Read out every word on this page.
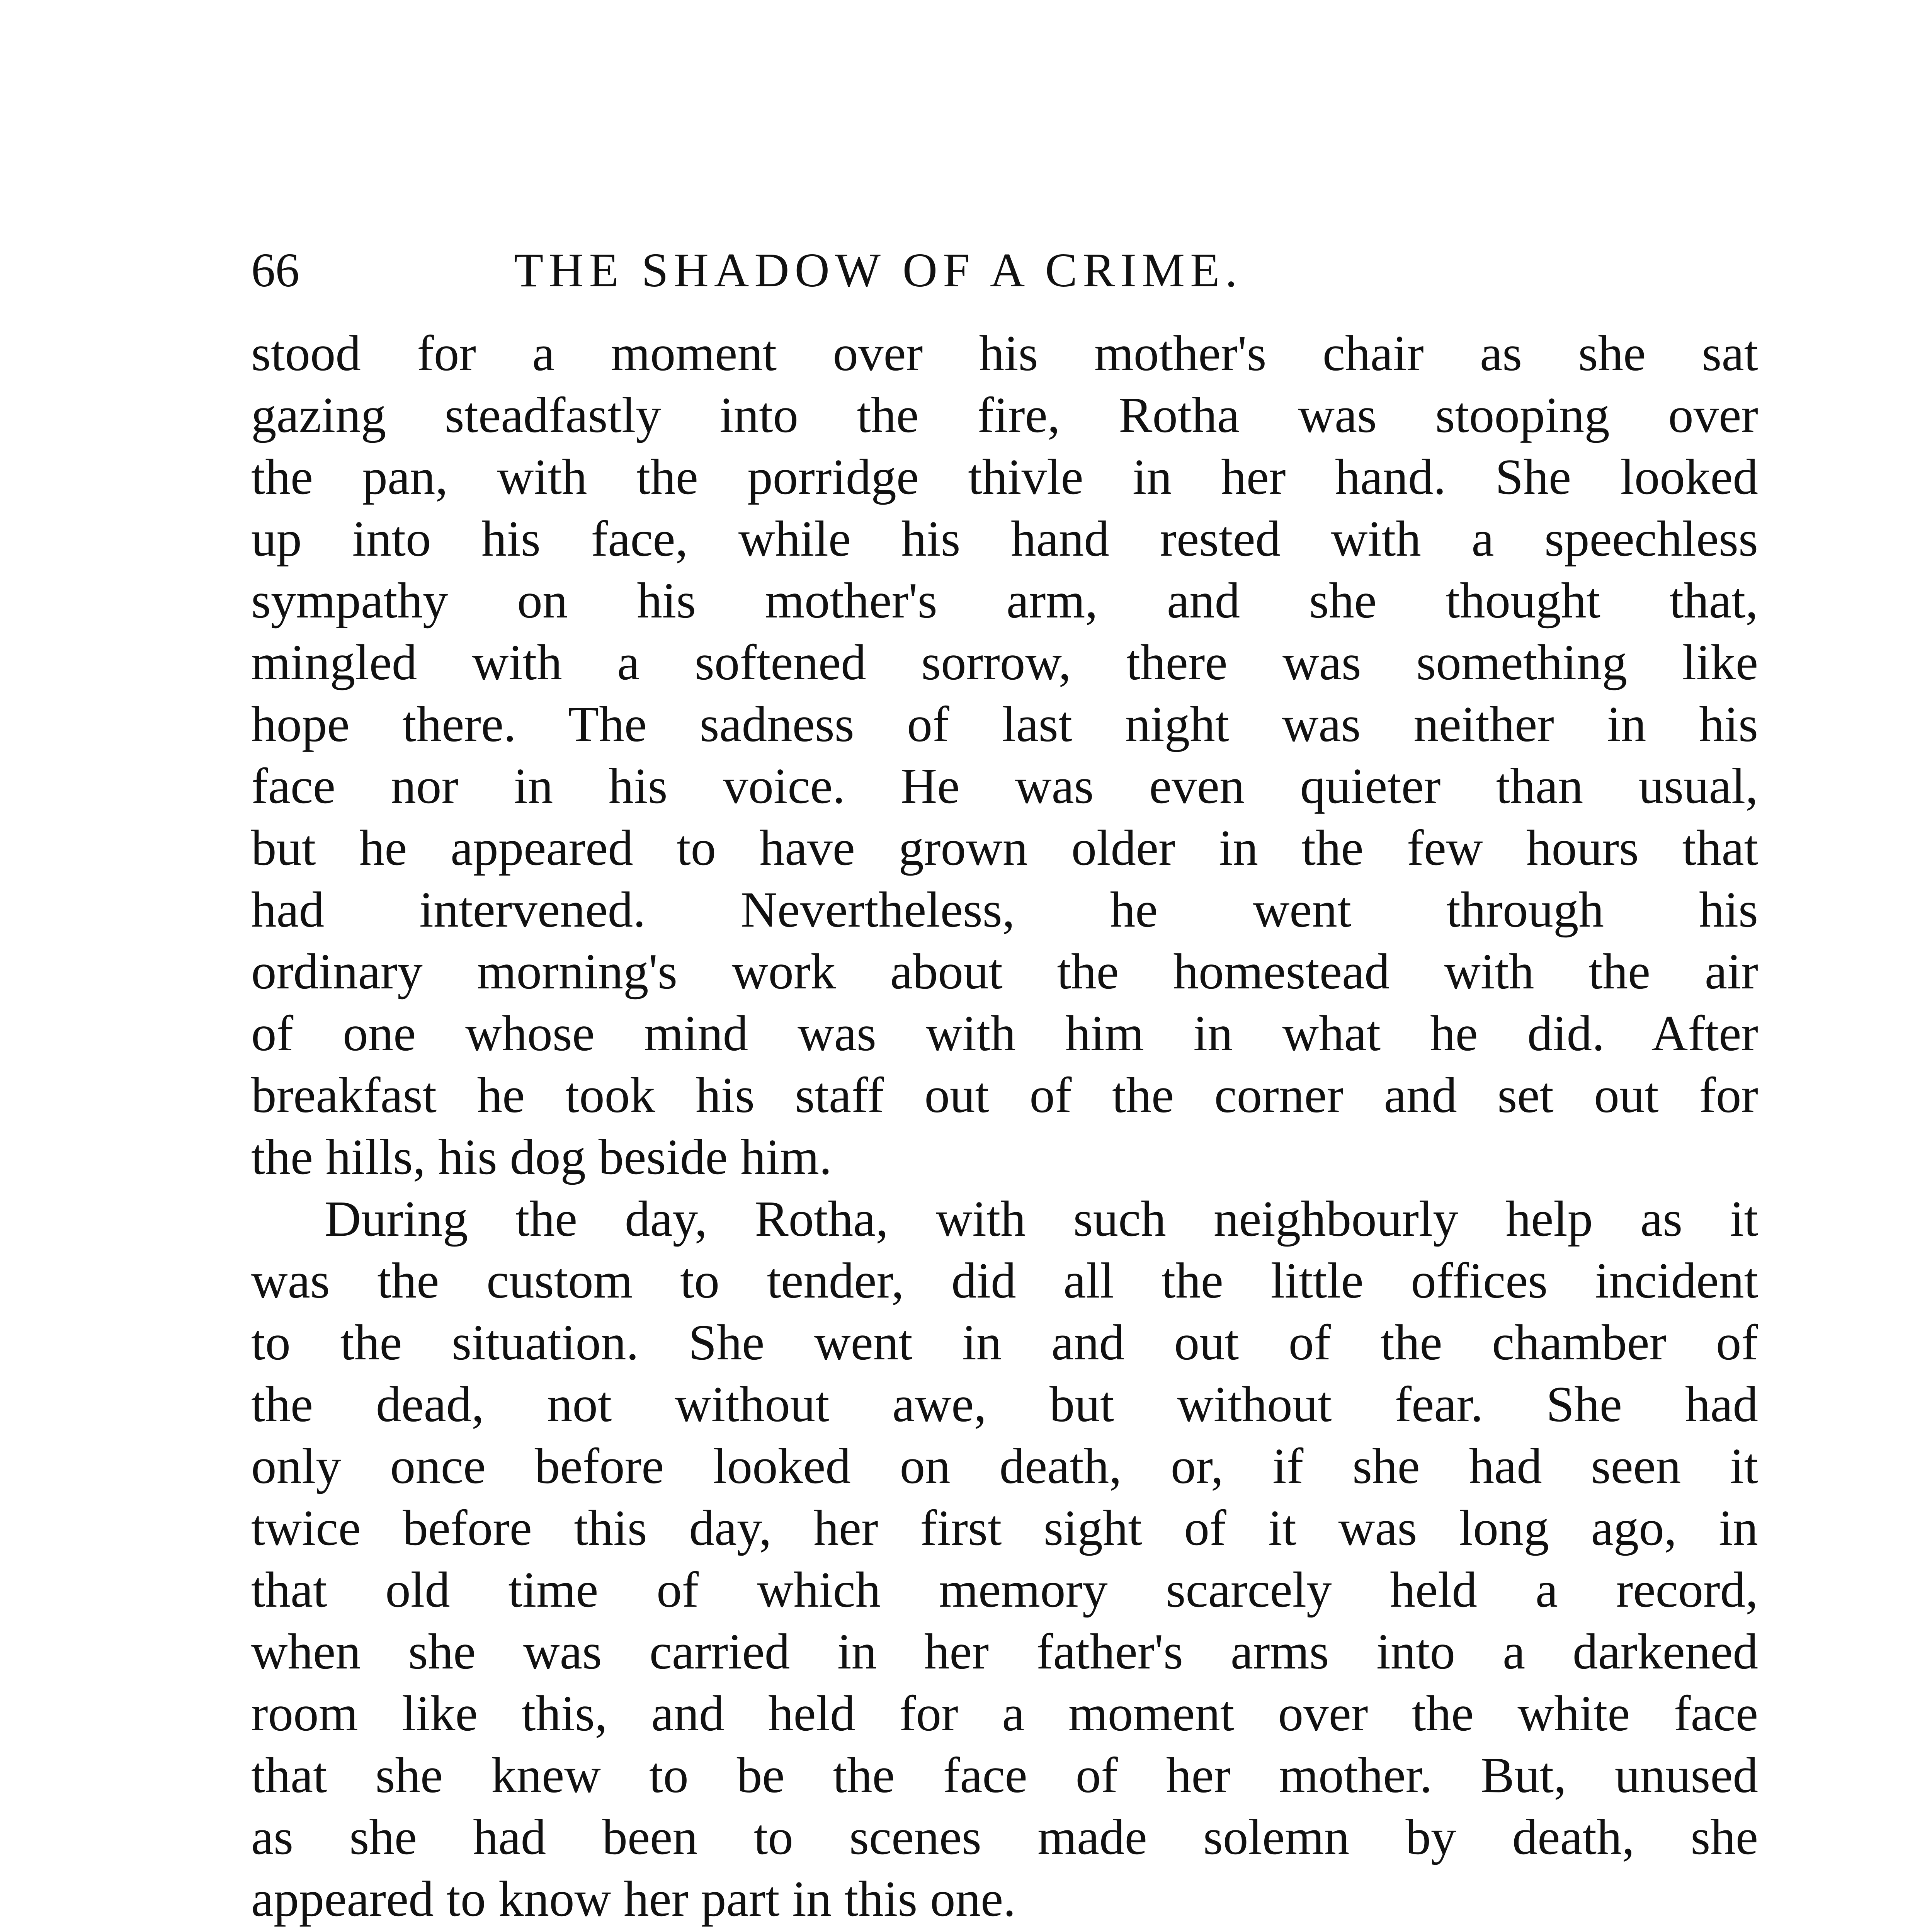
66	THE SHADOW OF A CRIME.
stood for a moment over his mother's chair as she sat
gazing steadfastly into the fire, Rotha was stooping over
the pan, with the porridge thivle in her hand. She looked
up into his face, while his hand rested with a speechless
sympathy on his mother's arm, and she thought that,
mingled with a softened sorrow, there was something like
hope there. The sadness of last night was neither in his
face nor in his voice. He was even quieter than usual,
but he appeared to have grown older in the few hours that
had intervened. Nevertheless, he went through his
ordinary morning's work about the homestead with the air
of one whose mind was with him in what he did. After
breakfast he took his staff out of the corner and set out for
the hills, his dog beside him.
During the day, Rotha, with such neighbourly help as it
was the custom to tender, did all the little offices incident
to the situation. She went in and out of the chamber of
the dead, not without awe, but without fear. She had
only once before looked on death, or, if she had seen it
twice before this day, her first sight of it was long ago, in
that old time of which memory scarcely held a record,
when she was carried in her father's arms into a darkened
room like this, and held for a moment over the white face
that she knew to be the face of her mother. But, unused
as she had been to scenes made solemn by death, she
appeared to know her part in this one.
